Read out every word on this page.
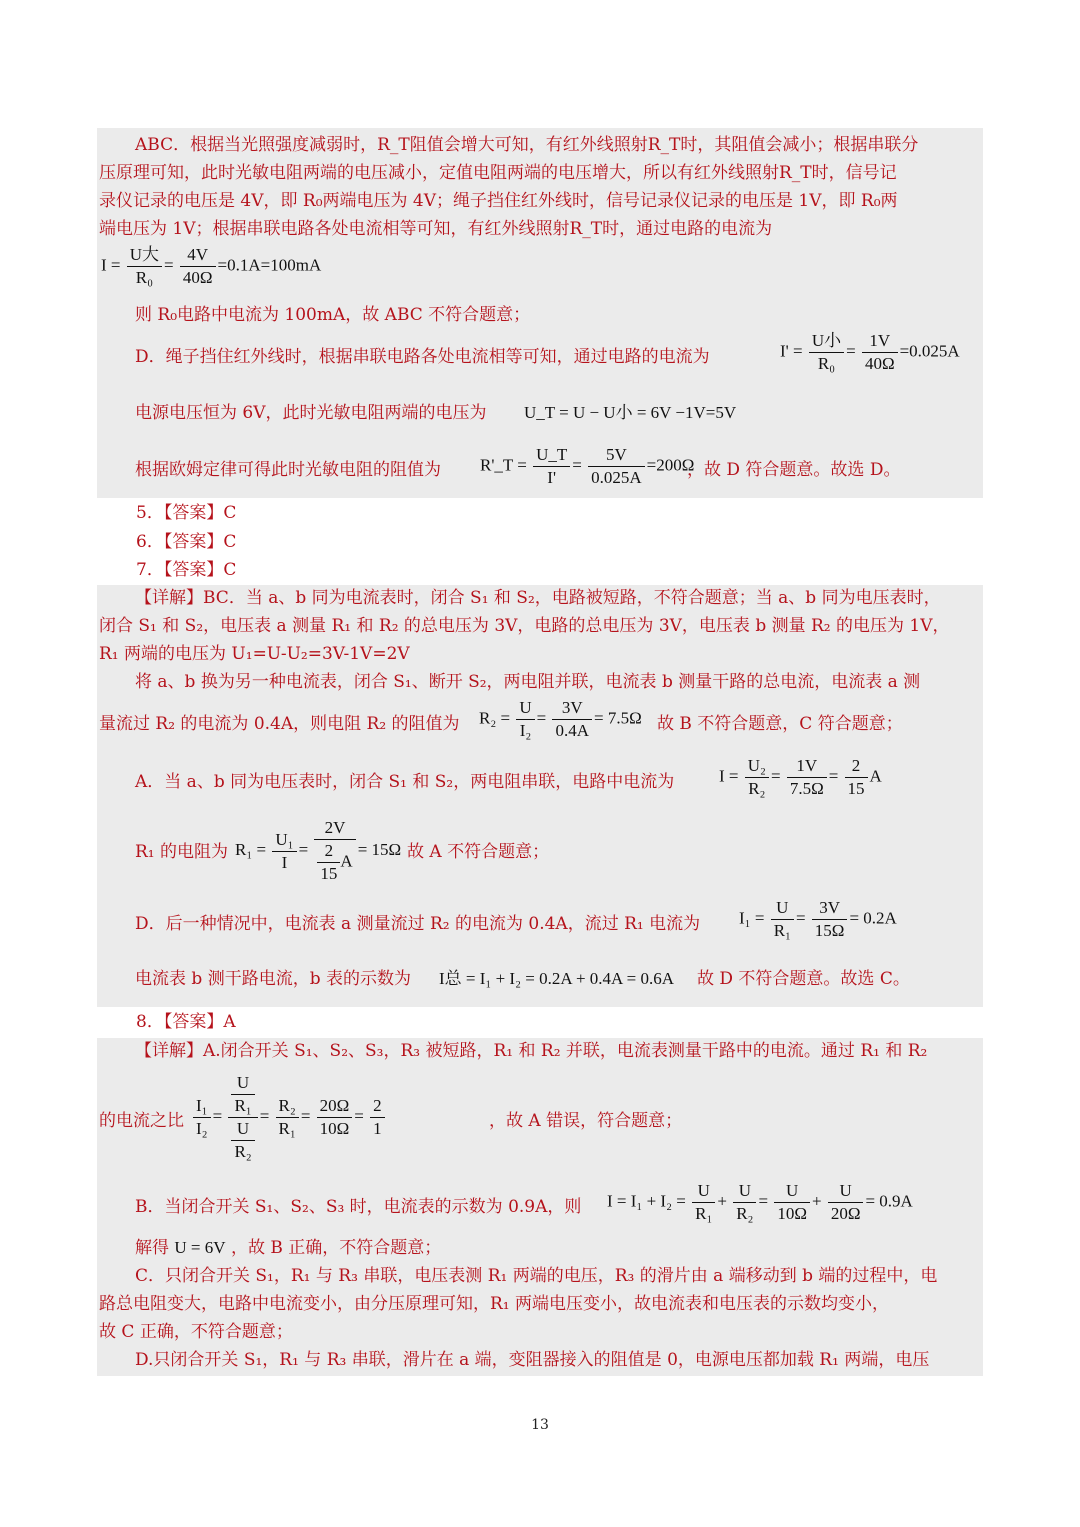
ABC．根据当光照强度减弱时，R_T阻值会增大可知，有红外线照射R_T时，其阻值会减小；根据串联分
压原理可知，此时光敏电阻两端的电压减小，定值电阻两端的电压增大，所以有红外线照射R_T时，信号记
录仪记录的电压是 4V，即 R₀两端电压为 4V；绳子挡住红外线时，信号记录仪记录的电压是 1V，即 R₀两
端电压为 1V；根据串联电路各处电流相等可知，有红外线照射R_T时，通过电路的电流为
$I = \frac{\text{U大}}{\text{R₀}} = \frac{4V}{40\Omega} =0.1A=100mA$
则 R₀电路中电流为 100mA，故 ABC 不符合题意；
D．绳子挡住红外线时，根据串联电路各处电流相等可知，通过电路的电流为	$I' = \frac{\text{U小}}{\text{R₀}} = \frac{1V}{40\Omega} =0.025A$
电源电压恒为 6V，此时光敏电阻两端的电压为 U_T = U − U小 = 6V −1V=5V
根据欧姆定律可得此时光敏电阻的阻值为 R'_T = $\frac{U\_T}{I'} = \frac{5V}{0.025A} =200\Omega$
，故 D 符合题意。故选 D。
5．【答案】C
6．【答案】C
7．【答案】C
【详解】BC．当 a、b 同为电流表时，闭合 S₁ 和 S₂，电路被短路，不符合题意；当 a、b 同为电压表时，
闭合 S₁ 和 S₂，电压表 a 测量 R₁ 和 R₂ 的总电压为 3V，电路的总电压为 3V，电压表 b 测量 R₂ 的电压为 1V，
R₁ 两端的电压为 U₁=U-U₂=3V-1V=2V
将 a、b 换为另一种电流表，闭合 S₁、断开 S₂，两电阻并联，电流表 b 测量干路的总电流，电流表 a 测
量流过 R₂ 的电流为 0.4A，则电阻 R₂ 的阻值为 $R_2 = \frac{U}{\text{I₂}} = \frac{3V}{0.4A} = 7.5\Omega$ 故 B 不符合题意，C 符合题意；
A．当 a、b 同为电压表时，闭合 S₁ 和 S₂，两电阻串联，电路中电流为	$I = \frac{\text{U₂}}{\text{R₂}} = \frac{1V}{7.5\Omega} = \frac{2}{15}$ A
R₁ 的电阻为 $R_1 = \frac{\text{U₁}}{I} = \frac{2V}{\frac{2}{15} A} = 15\Omega$ 故 A 不符合题意；
D．后一种情况中，电流表 a 测量流过 R₂ 的电流为 0.4A，流过 R₁ 电流为 $I_1 = \frac{U}{\text{R₁}} = \frac{3V}{15\Omega} = 0.2A$
电流表 b 测干路电流，b 表的示数为 I总 = I₁ + I₂ = 0.2A + 0.4A = 0.6A 故 D 不符合题意。故选 C。
8．【答案】A
【详解】A.闭合开关 S₁、S₂、S₃，R₃ 被短路，R₁ 和 R₂ 并联，电流表测量干路中的电流。通过 R₁ 和 R₂
的电流之比 $\frac{\text{I₁}}{\text{I₂}} = \frac{\frac{U}{\text{R₁}}}{\frac{U}{\text{R₂}}} = \frac{\text{R₂}}{\text{R₁}} = \frac{20\Omega}{10\Omega} = \frac{2}{1}$	，故 A 错误，符合题意；
B．当闭合开关 S₁、S₂、S₃ 时，电流表的示数为 0.9A，则 $I = I_1 + I_2 = \frac{U}{\text{R₁}} + \frac{U}{\text{R₂}} = \frac{U}{10\Omega} + \frac{U}{20\Omega} = 0.9A$
解得 U = 6V ，故 B 正确，不符合题意；
C．只闭合开关 S₁，R₁ 与 R₃ 串联，电压表测 R₁ 两端的电压，R₃ 的滑片由 a 端移动到 b 端的过程中，电
路总电阻变大，电路中电流变小，由分压原理可知，R₁ 两端电压变小，故电流表和电压表的示数均变小，
故 C 正确，不符合题意；
D.只闭合开关 S₁，R₁ 与 R₃ 串联，滑片在 a 端，变阻器接入的阻值是 0，电源电压都加载 R₁ 两端，电压
13
